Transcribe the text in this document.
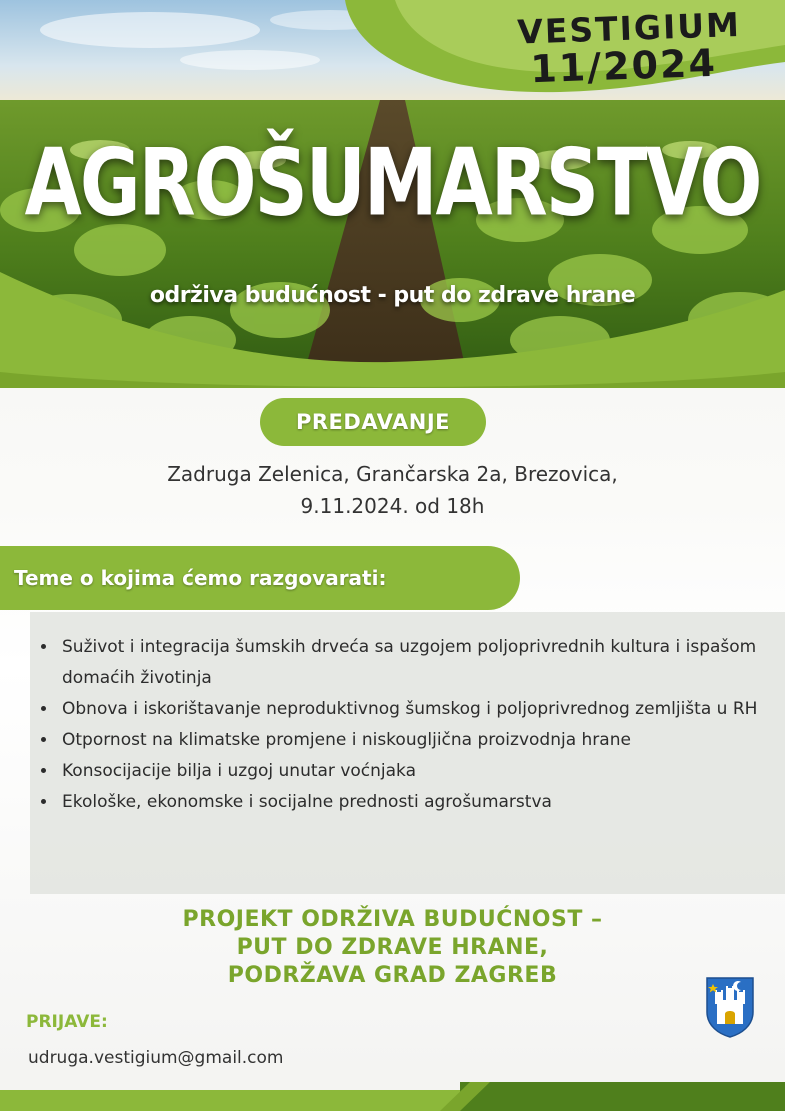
VESTIGIUM
11/2024
AGROŠUMARSTVO
održiva budućnost - put do zdrave hrane
PREDAVANJE
Zadruga Zelenica, Grančarska 2a, Brezovica,
9.11.2024. od 18h
Teme o kojima ćemo razgovarati:
• Suživot i integracija šumskih drveća sa uzgojem poljoprivrednih kultura i ispašom domaćih životinja
• Obnova i iskorištavanje neproduktivnog šumskog i poljoprivrednog zemljišta u RH
• Otpornost na klimatske promjene i niskougljična proizvodnja hrane
• Konsocijacije bilja i uzgoj unutar voćnjaka
• Ekološke, ekonomske i socijalne prednosti agrošumarstva
PROJEKT ODRŽIVA BUDUĆNOST –
PUT DO ZDRAVE HRANE,
PODRŽAVA GRAD ZAGREB
PRIJAVE:
udruga.vestigium@gmail.com
